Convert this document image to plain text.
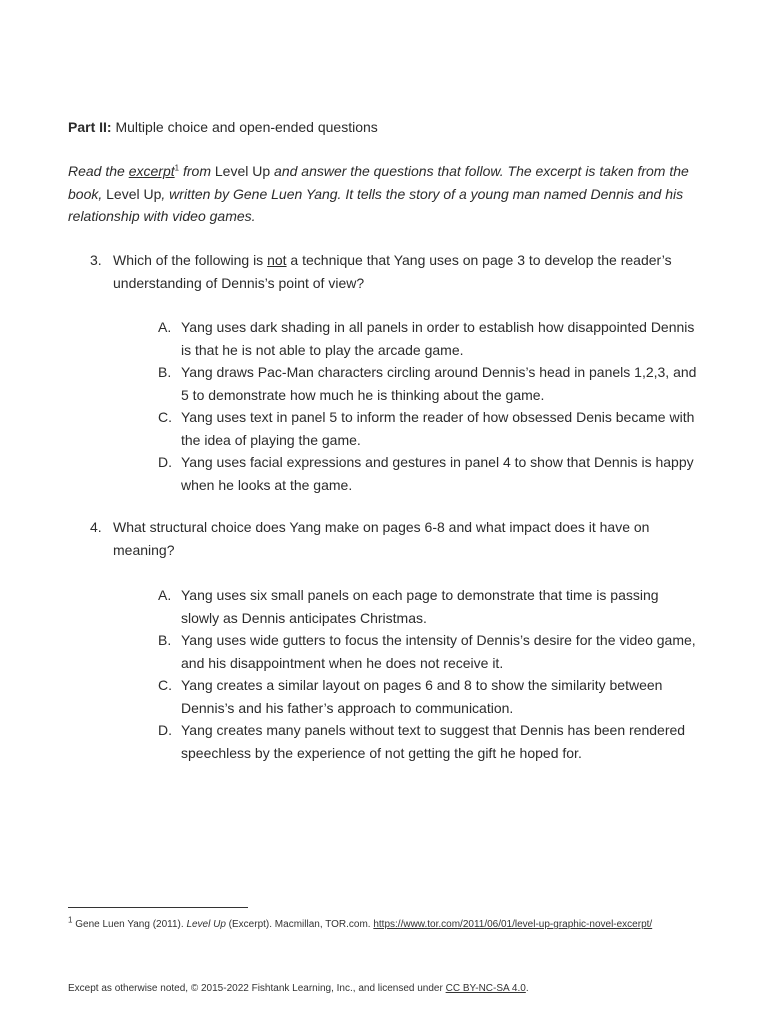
Part II: Multiple choice and open-ended questions
Read the excerpt$^1$ from Level Up and answer the questions that follow. The excerpt is taken from the book, Level Up, written by Gene Luen Yang. It tells the story of a young man named Dennis and his relationship with video games.
3. Which of the following is not a technique that Yang uses on page 3 to develop the reader’s understanding of Dennis’s point of view?
A. Yang uses dark shading in all panels in order to establish how disappointed Dennis is that he is not able to play the arcade game.
B. Yang draws Pac-Man characters circling around Dennis’s head in panels 1,2,3, and 5 to demonstrate how much he is thinking about the game.
C. Yang uses text in panel 5 to inform the reader of how obsessed Denis became with the idea of playing the game.
D. Yang uses facial expressions and gestures in panel 4 to show that Dennis is happy when he looks at the game.
4. What structural choice does Yang make on pages 6-8 and what impact does it have on meaning?
A. Yang uses six small panels on each page to demonstrate that time is passing slowly as Dennis anticipates Christmas.
B. Yang uses wide gutters to focus the intensity of Dennis’s desire for the video game, and his disappointment when he does not receive it.
C. Yang creates a similar layout on pages 6 and 8 to show the similarity between Dennis’s and his father’s approach to communication.
D. Yang creates many panels without text to suggest that Dennis has been rendered speechless by the experience of not getting the gift he hoped for.
$^1$ Gene Luen Yang (2011). Level Up (Excerpt). Macmillan, TOR.com. https://www.tor.com/2011/06/01/level-up-graphic-novel-excerpt/
Except as otherwise noted, © 2015-2022 Fishtank Learning, Inc., and licensed under CC BY-NC-SA 4.0.
